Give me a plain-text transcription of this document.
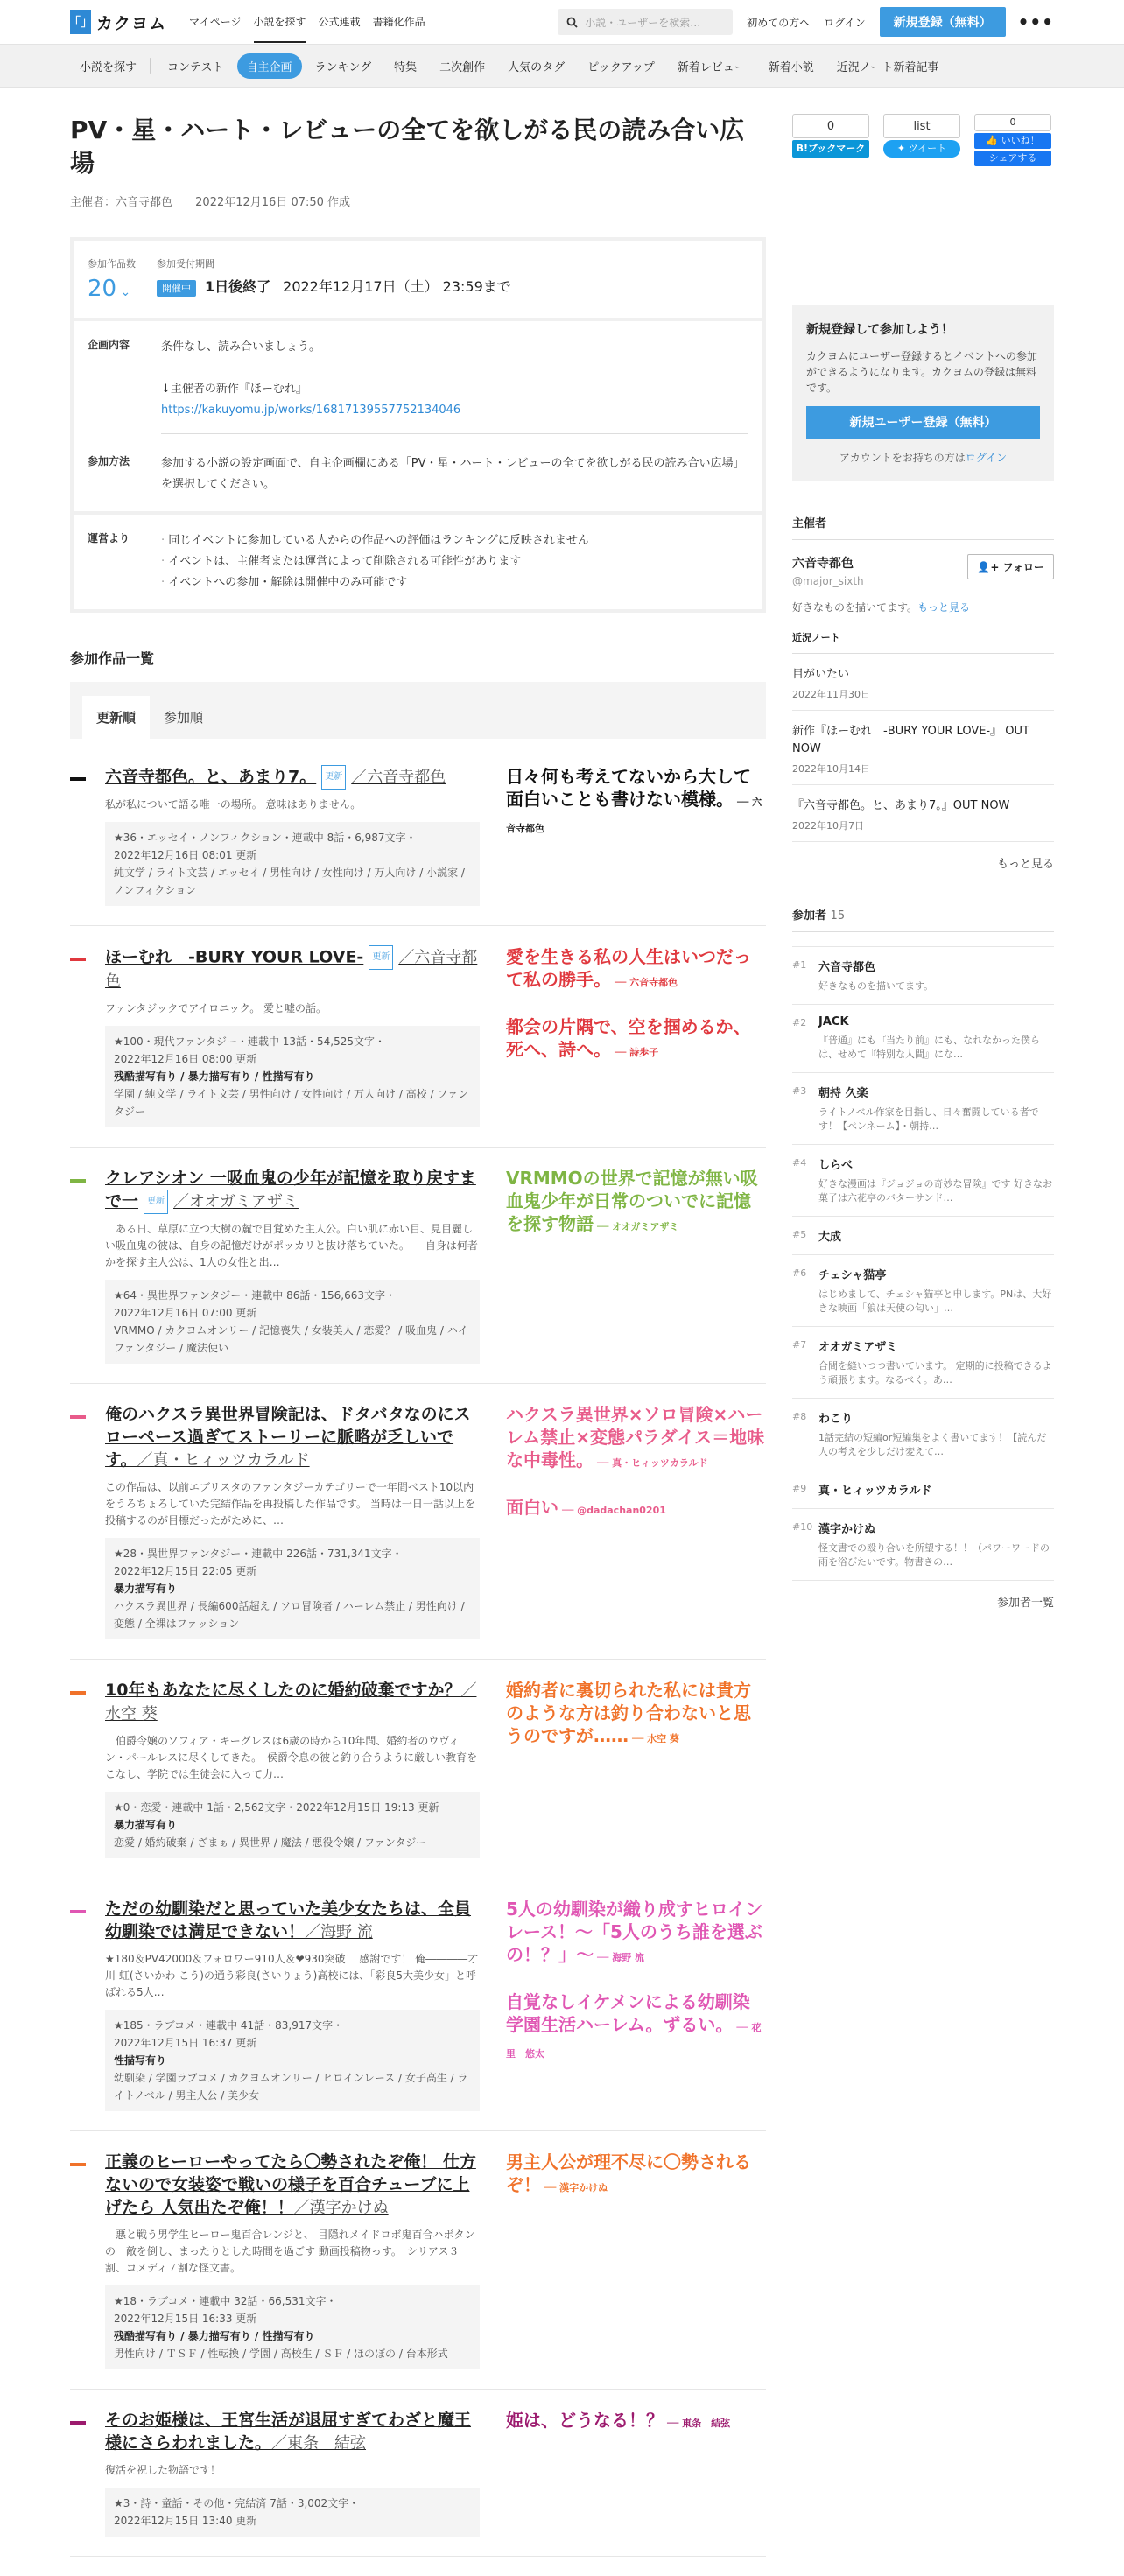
「」 カクヨム マイページ 小説を探す 公式連載 書籍化作品	小説・ユーザーを検索…	初めての方へ ログイン	新規登録（無料）	•••
小説を探す	コンテスト	自主企画	ランキング	特集	二次創作	人気のタグ	ピックアップ	新着レビュー	新着小説	近況ノート新着記事
0
B!ブックマーク
list
✦ ツイート
0
👍 いいね！
シェアする
PV・星・ハート・レビューの全てを欲しがる民の読み合い広場
主催者：六音寺都色 2022年12月16日 07:50 作成
参加作品数
20 ⌄
参加受付期間
開催中 1日後終了 2022年12月17日（土） 23:59まで
企画内容	条件なし、読み合いましょう。
↓主催者の新作『ほーむれ』
https://kakuyomu.jp/works/16817139557752134046
参加方法	参加する小説の設定画面で、自主企画欄にある「PV・星・ハート・レビューの全てを欲しがる民の読み合い広場」を選択してください。
運営より
·	同じイベントに参加している人からの作品への評価はランキングに反映されません
· イベントは、主催者または運営によって削除される可能性があります
· イベントへの参加・解除は開催中のみ可能です
参加作品一覧
更新順	参加順
六音寺都色。と、あまり7。 更新 ／六音寺都色
私が私について語る唯一の場所。 意味はありません。
★36・エッセイ・ノンフィクション・連載中 8話・6,987文字・
2022年12月16日 08:01 更新
純文学 / ライト文芸 / エッセイ / 男性向け / 女性向け / 万人向け / 小説家 / ノンフィクション
日々何も考えてないから大して面白いことも書けない模様。 ── 六音寺都色
ほーむれ　-BURY YOUR LOVE- 更新 ／六音寺都色
ファンタジックでアイロニック。 愛と嘘の話。
★100・現代ファンタジー・連載中 13話・54,525文字・
2022年12月16日 08:00 更新
残酷描写有り / 暴力描写有り / 性描写有り
学園 / 純文学 / ライト文芸 / 男性向け / 女性向け / 万人向け / 高校 / ファンタジー
愛を生きる私の人生はいつだって私の勝手。 ── 六音寺都色
都会の片隅で、空を掴めるか、死へ、詩へ。 ── 詩歩子
クレアシオン 一吸血鬼の少年が記憶を取り戻すまで一 更新 ／オオガミアザミ
　ある日、草原に立つ大樹の麓で目覚めた主人公。白い肌に赤い目、見目麗しい吸血鬼の彼は、自身の記憶だけがポッカリと抜け落ちていた。　　自身は何者かを探す主人公は、1人の女性と出…
★64・異世界ファンタジー・連載中 86話・156,663文字・
2022年12月16日 07:00 更新
VRMMO / カクヨムオンリー / 記憶喪失 / 女装美人 / 恋愛？ / 吸血鬼 / ハイファンタジー / 魔法使い
VRMMOの世界で記憶が無い吸血鬼少年が日常のついでに記憶を探す物語 ── オオガミアザミ
俺のハクスラ異世界冒険記は、ドタバタなのにスローペース過ぎてストーリーに脈略が乏しいです。／真・ヒィッツカラルド
この作品は、以前エブリスタのファンタジーカテゴリーで一年間ベスト10以内をうろちょろしていた完結作品を再投稿した作品です。 当時は一日一話以上を投稿するのが目標だったがために、…
★28・異世界ファンタジー・連載中 226話・731,341文字・
2022年12月15日 22:05 更新
暴力描写有り
ハクスラ異世界 / 長編600話超え / ソロ冒険者 / ハーレム禁止 / 男性向け / 変態 / 全裸はファッション
ハクスラ異世界×ソロ冒険×ハーレム禁止×変態パラダイス＝地味な中毒性。 ── 真・ヒィッツカラルド
面白い ── @dadachan0201
10年もあなたに尽くしたのに婚約破棄ですか？／水空 葵
　伯爵令嬢のソフィア・キーグレスは6歳の時から10年間、婚約者のウヴィン・パールレスに尽くしてきた。　侯爵令息の彼と釣り合うように厳しい教育をこなし、学院では生徒会に入って力…
★0・恋愛・連載中 1話・2,562文字・2022年12月15日 19:13 更新
暴力描写有り
恋愛 / 婚約破棄 / ざまぁ / 異世界 / 魔法 / 悪役令嬢 / ファンタジー
婚約者に裏切られた私には貴方のような方は釣り合わないと思うのですが…… ── 水空 葵
ただの幼馴染だと思っていた美少女たちは、全員幼馴染では満足できない！／海野 流
★180＆PV42000＆フォロワー910人＆❤930突破！ 感謝です！ 俺――――才川 虹(さいかわ こう)の通う彩良(さいりょう)高校には、「彩良5大美少女」と呼ばれる5人…
★185・ラブコメ・連載中 41話・83,917文字・
2022年12月15日 16:37 更新
性描写有り
幼馴染 / 学園ラブコメ / カクヨムオンリー / ヒロインレース / 女子高生 / ライトノベル / 男主人公 / 美少女
5人の幼馴染が織り成すヒロインレース！〜「5人のうち誰を選ぶの！？」〜 ── 海野 流
自覚なしイケメンによる幼馴染学園生活ハーレム。ずるい。 ── 花里　悠太
正義のヒーローやってたら〇勢されたぞ俺！ 仕方ないので女装姿で戦いの様子を百合チューブに上げたら 人気出たぞ俺！！／漢字かけぬ
　悪と戦う男学生ヒーロー鬼百合レンジと、 目隠れメイドロボ鬼百合ハボタンの　敵を倒し、まったりとした時間を過ごす 動画投稿物っす。　シリアス３割、コメディ７割な怪文書。
★18・ラブコメ・連載中 32話・66,531文字・
2022年12月15日 16:33 更新
残酷描写有り / 暴力描写有り / 性描写有り
男性向け / ＴＳＦ / 性転換 / 学園 / 高校生 / ＳＦ / ほのぼの / 台本形式
男主人公が理不尽に〇勢されるぞ！ ── 漢字かけぬ
そのお姫様は、王宮生活が退屈すぎてわざと魔王様にさらわれました。／東条　結弦
復活を祝した物語です！
★3・詩・童話・その他・完結済 7話・3,002文字・
2022年12月15日 13:40 更新
姫は、どうなる！？ ── 東条　結弦
新規登録して参加しよう！

カクヨムにユーザー登録するとイベントへの参加ができるようになります。カクヨムの登録は無料です。

新規ユーザー登録（無料）
アカウントをお持ちの方はログイン
主催者
六音寺都色
@major_sixth
👤+ フォロー
好きなものを描いてます。もっと見る
近況ノート
目がいたい
2022年11月30日
新作『ほーむれ　-BURY YOUR LOVE-』 OUT NOW
2022年10月14日
『六音寺都色。と、あまり7。』OUT NOW
2022年10月7日
もっと見る
参加者 15
#1	六音寺都色
好きなものを描いてます。
#2	JACK
『普通』にも『当たり前』にも、なれなかった僕らは、せめて『特別な人間』にな…
#3	朝持 久楽
ライトノベル作家を目指し、日々奮闘している者です！【ペンネーム】・朝持…
#4	しらべ
好きな漫画は『ジョジョの奇妙な冒険』です 好きなお菓子は六花亭のバターサンド…
#5	大成
#6	チェシャ猫亭
はじめまして、チェシャ猫亭と申します。PNは、大好きな映画「狼は天使の匂い」…
#7	オオガミアザミ
合間を縫いつつ書いています。 定期的に投稿できるよう頑張ります。なるべく。あ…
#8	わこり
1話完結の短編or短編集をよく書いてます！【読んだ人の考えを少しだけ変えて…
#9	真・ヒィッツカラルド
#10 漢字かけぬ
怪文書での殴り合いを所望する！！（パワーワードの雨を浴びたいです。物書きの…
参加者一覧
